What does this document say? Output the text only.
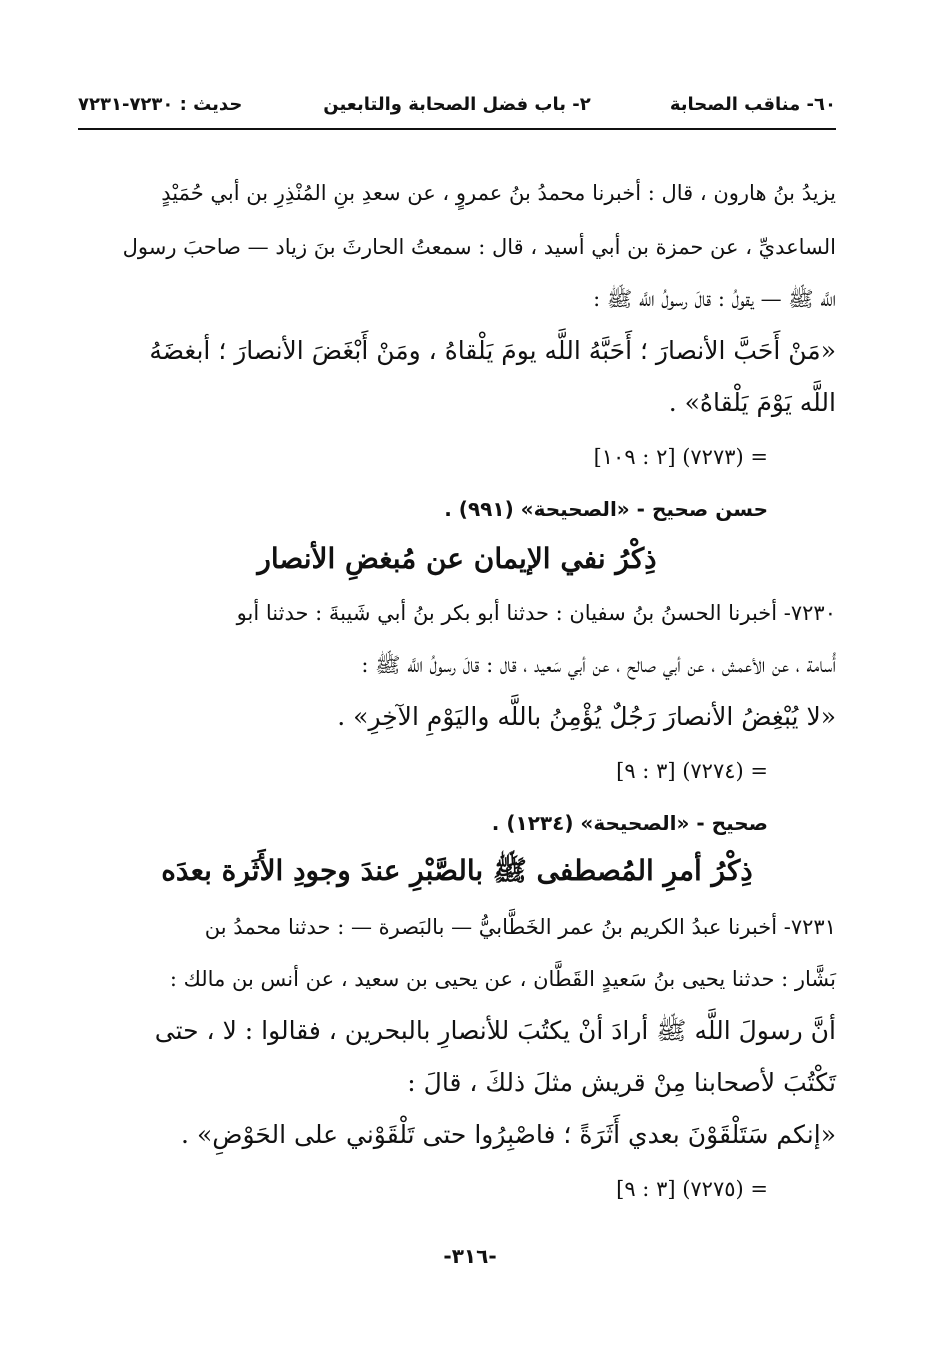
٦٠- مناقب الصحابة
٢- باب فضل الصحابة والتابعين
حديث : ٧٢٣٠-٧٢٣١
يزيدُ بنُ هارون ، قال : أخبرنا محمدُ بنُ عمروٍ ، عن سعدِ بنِ المُنْذِرِ بن أبي حُمَيْدٍ
الساعديِّ ، عن حمزة بن أبي أسيد ، قال : سمعتُ الحارثَ بنَ زياد — صاحبَ رسول
اللَّه ﷺ — يقولُ : قالَ رسولُ اللَّه ﷺ :
«مَنْ أَحَبَّ الأنصارَ ؛ أَحَبَّهُ اللَّه يومَ يَلْقاهُ ، ومَنْ أَبْغَضَ الأنصارَ ؛ أبغضَهُ
اللَّه يَوْمَ يَلْقاهُ» .
= (٧٢٧٣) [٢ : ١٠٩]
حسن صحيح - «الصحيحة» (٩٩١) .
ذِكْرُ نفي الإيمان عن مُبغضِ الأنصار
٧٢٣٠- أخبرنا الحسنُ بنُ سفيان : حدثنا أبو بكر بنُ أبي شَيبةَ : حدثنا أبو
أُسامة ، عن الأعمش ، عن أبي صالح ، عن أبي سَعيد ، قال : قالَ رسولُ اللَّه ﷺ :
«لا يُبْغِضُ الأنصارَ رَجُلٌ يُؤْمِنُ باللَّه واليَوْمِ الآخِرِ» .
= (٧٢٧٤) [٣ : ٩]
صحيح - «الصحيحة» (١٢٣٤) .
ذِكْرُ أمرِ المُصطفى ﷺ بالصَّبْرِ عندَ وجودِ الأَثَرة بعدَه
٧٢٣١- أخبرنا عبدُ الكريم بنُ عمر الخَطَّابيُّ — بالبَصرة — : حدثنا محمدُ بن
بَشَّار : حدثنا يحيى بنُ سَعيدٍ القَطَّان ، عن يحيى بن سعيد ، عن أنس بن مالك :
أنَّ رسولَ اللَّه ﷺ أرادَ أنْ يكتُبَ للأنصارِ بالبحرين ، فقالوا : لا ، حتى
تَكْتُبَ لأصحابنا مِنْ قريش مثلَ ذلكَ ، قالَ :
«إنكم سَتَلْقَوْنَ بعدي أَثَرَةً ؛ فاصْبِرُوا حتى تَلْقَوْني على الحَوْضِ» .
= (٧٢٧٥) [٣ : ٩]
-٣١٦-
